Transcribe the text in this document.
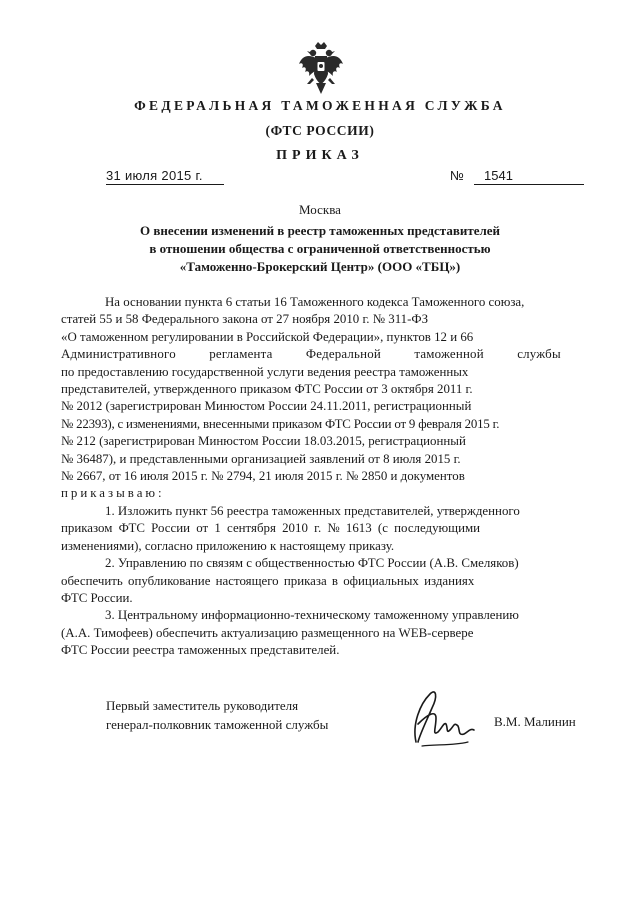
ФЕДЕРАЛЬНАЯ ТАМОЖЕННАЯ СЛУЖБА
(ФТС РОССИИ)
ПРИКАЗ
31 июля 2015 г.	№	1541
Москва
О внесении изменений в реестр таможенных представителей
в отношении общества с ограниченной ответственностью
«Таможенно-Брокерский Центр» (ООО «ТБЦ»)
На основании пункта 6 статьи 16 Таможенного кодекса Таможенного союза,
статей 55 и 58 Федерального закона от 27 ноября 2010 г. № 311-ФЗ
«О таможенном регулировании в Российской Федерации», пунктов 12 и 66
Административного регламента Федеральной таможенной службы
по предоставлению государственной услуги ведения реестра таможенных
представителей, утвержденного приказом ФТС России от 3 октября 2011 г.
№ 2012 (зарегистрирован Минюстом России 24.11.2011, регистрационный
№ 22393), с изменениями, внесенными приказом ФТС России от 9 февраля 2015 г.
№ 212 (зарегистрирован Минюстом России 18.03.2015, регистрационный
№ 36487), и представленными организацией заявлений от 8 июля 2015 г.
№ 2667, от 16 июля 2015 г. № 2794, 21 июля 2015 г. № 2850 и документов
приказываю:
1. Изложить пункт 56 реестра таможенных представителей, утвержденного
приказом ФТС России от 1 сентября 2010 г. № 1613 (с последующими
изменениями), согласно приложению к настоящему приказу.
2. Управлению по связям с общественностью ФТС России (А.В. Смеляков)
обеспечить опубликование настоящего приказа в официальных изданиях
ФТС России.
3. Центральному информационно-техническому таможенному управлению
(А.А. Тимофеев) обеспечить актуализацию размещенного на WEB-сервере
ФТС России реестра таможенных представителей.
Первый заместитель руководителя
генерал-полковник таможенной службы	В.М. Малинин
